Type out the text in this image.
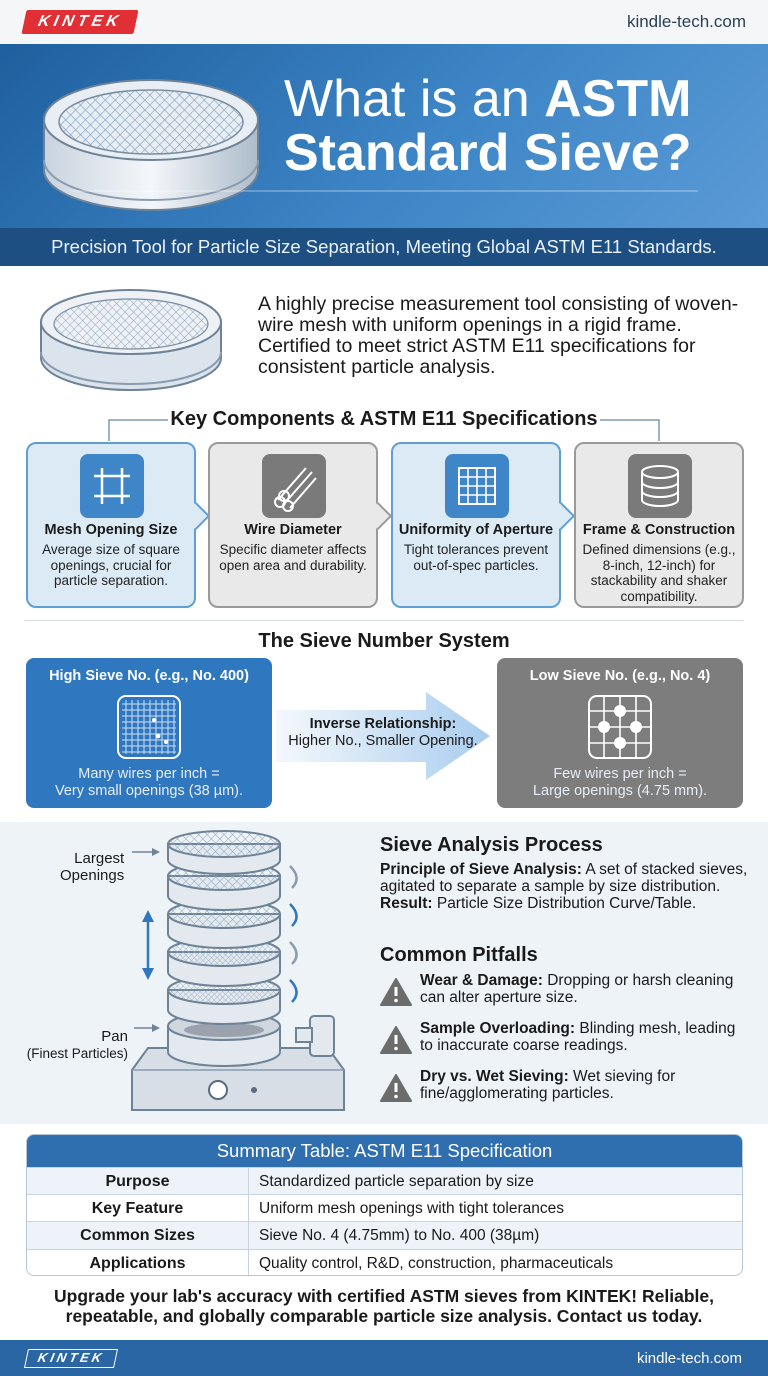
KINTEK	kindle-tech.com
What is an ASTM
Standard Sieve?
Precision Tool for Particle Size Separation, Meeting Global ASTM E11 Standards.
A highly precise measurement tool consisting of woven-wire mesh with uniform openings in a rigid frame. Certified to meet strict ASTM E11 specifications for consistent particle analysis.
Key Components & ASTM E11 Specifications
Mesh Opening Size
Average size of square openings, crucial for particle separation.
Wire Diameter
Specific diameter affects open area and durability.
Uniformity of Aperture
Tight tolerances prevent out-of-spec particles.
Frame & Construction
Defined dimensions (e.g., 8-inch, 12-inch) for stackability and shaker compatibility.
The Sieve Number System
High Sieve No. (e.g., No. 400)
Many wires per inch =
Very small openings (38 µm).
Inverse Relationship:
Higher No., Smaller Opening.
Low Sieve No. (e.g., No. 4)
Few wires per inch =
Large openings (4.75 mm).
Largest
Openings
Pan
(Finest Particles)
Sieve Analysis Process

Principle of Sieve Analysis: A set of stacked sieves, agitated to separate a sample by size distribution.

Result: Particle Size Distribution Curve/Table.

Common Pitfalls

Wear & Damage: Dropping or harsh cleaning can alter aperture size.

Sample Overloading: Blinding mesh, leading to inaccurate coarse readings.

Dry vs. Wet Sieving: Wet sieving for fine/agglomerating particles.

Summary Table: ASTM E11 Specification
Purpose	Standardized particle separation by size
Key Feature	Uniform mesh openings with tight tolerances
Common Sizes	Sieve No. 4 (4.75mm) to No. 400 (38µm)
Applications	Quality control, R&D, construction, pharmaceuticals
Upgrade your lab's accuracy with certified ASTM sieves from KINTEK! Reliable, repeatable, and globally comparable particle size analysis. Contact us today.
KINTEK	kindle-tech.com
